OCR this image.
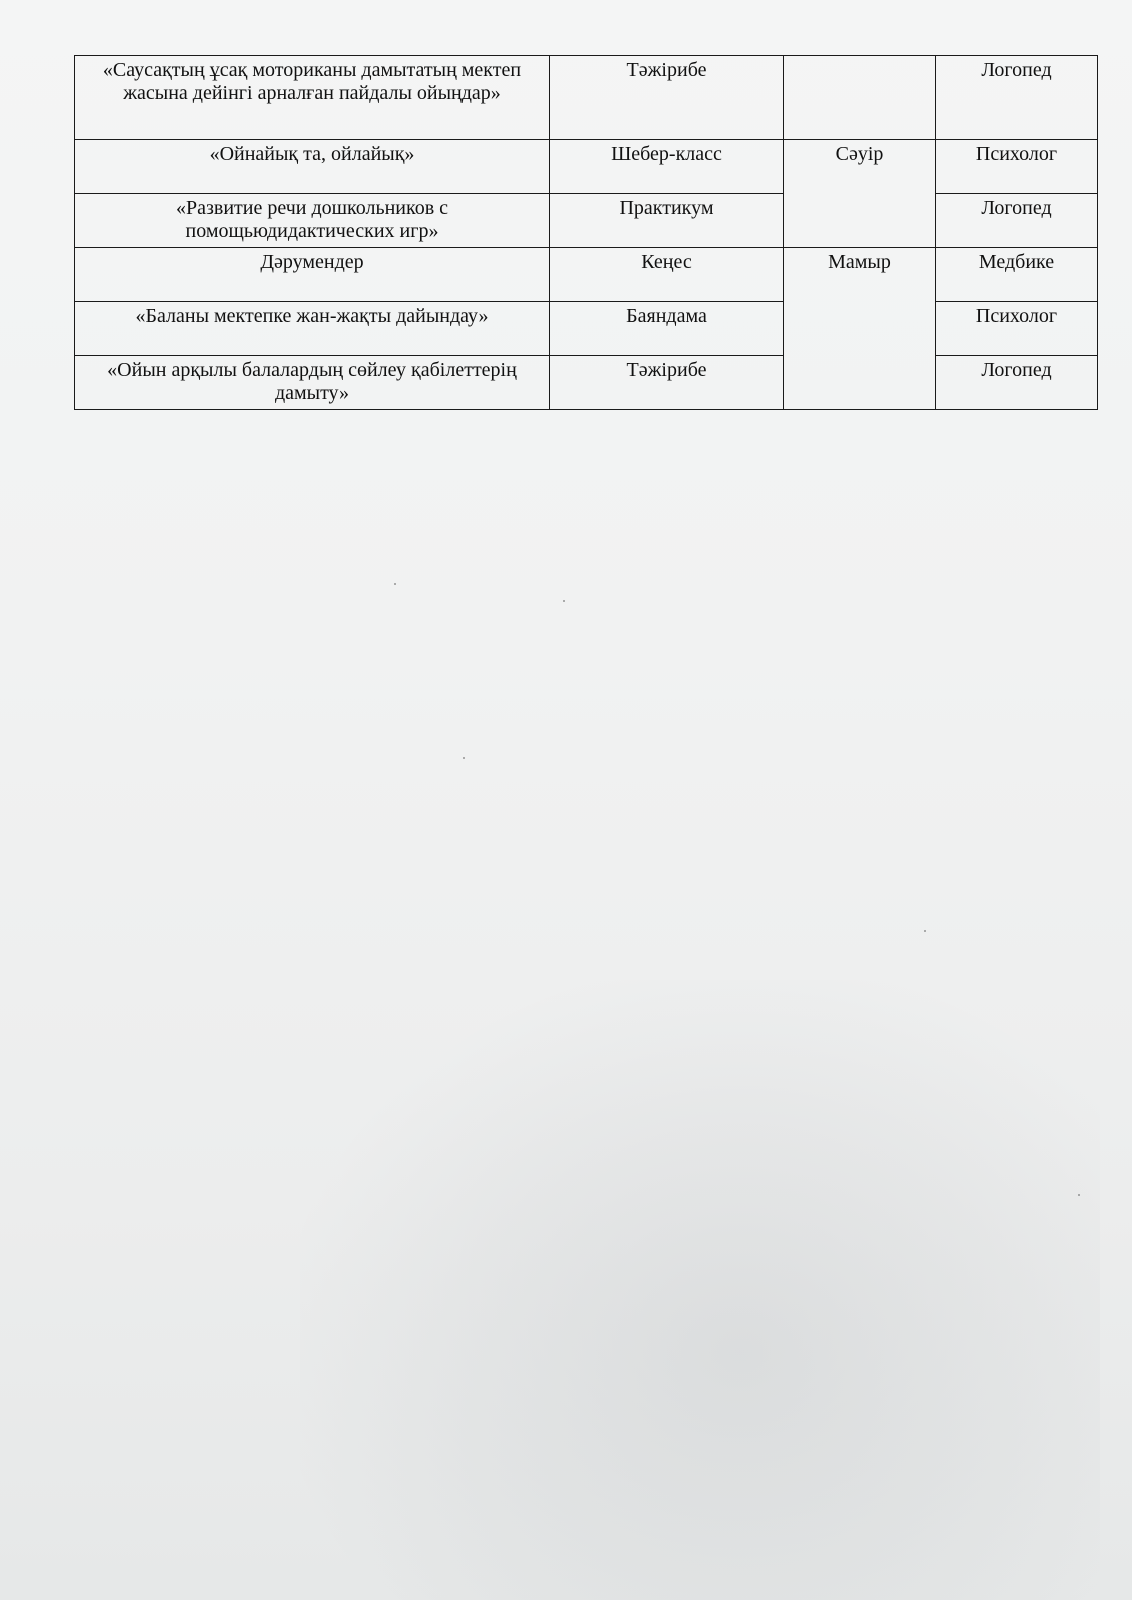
«Саусақтың ұсақ моториканы дамытатың мектеп жасына дейінгі арналған пайдалы ойыңдар»	Тәжірибе		Логопед
«Ойнайық та, ойлайық»	Шебер-класс	Сәуір	Психолог
«Развитие речи дошкольников с помощьюдидактических игр»	Практикум		Логопед
Дәрумендер	Кеңес	Мамыр	Медбике
«Баланы мектепке жан-жақты дайындау»	Баяндама		Психолог
«Ойын арқылы балалардың сөйлеу қабілеттерің дамыту»	Тәжірибе		Логопед
